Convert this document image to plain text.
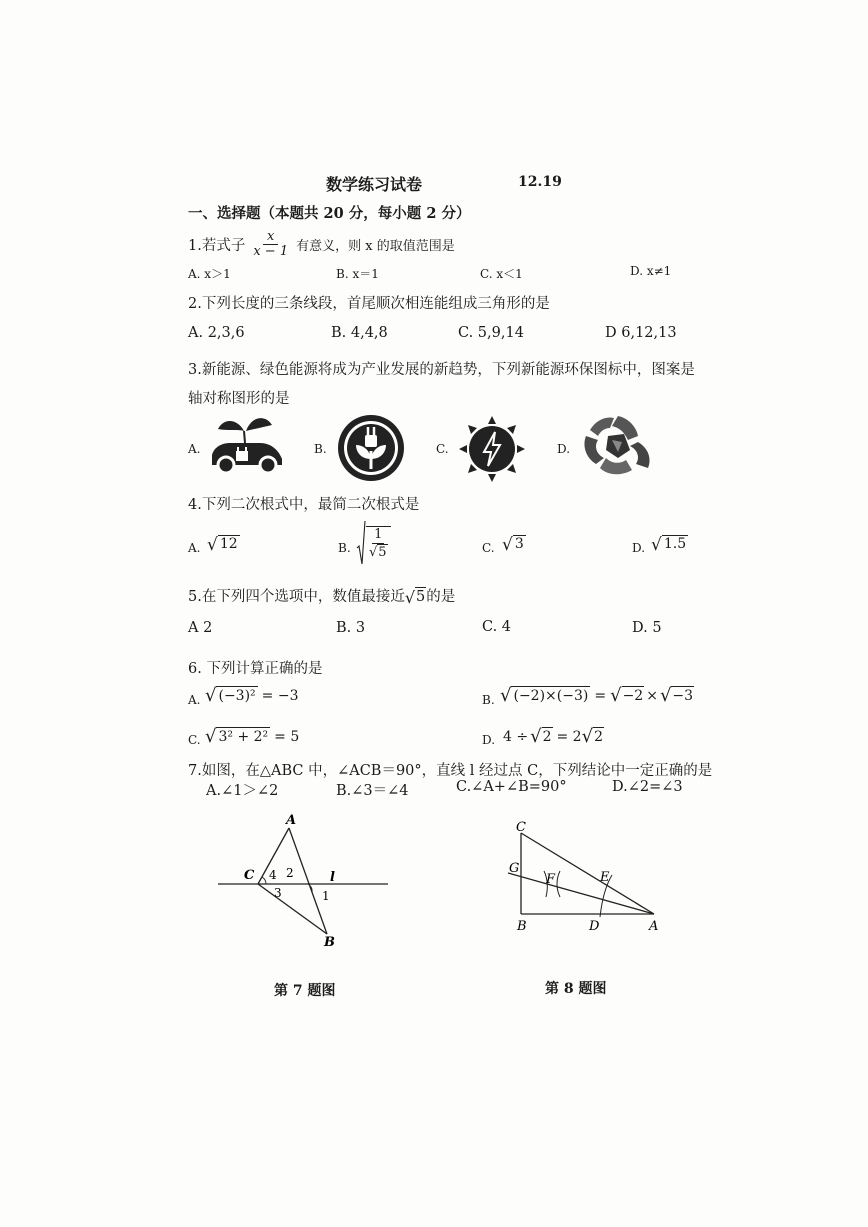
数学练习试卷	12.19
一、选择题（本题共 20 分，每小题 2 分）
1.若式子 $\frac{x}{x - 1}$ 有意义，则 x 的取值范围是
A. x＞1	B. x＝1	C. x＜1	D. x≠1
2.下列长度的三条线段，首尾顺次相连能组成三角形的是
A. 2,3,6	B. 4,4,8	C. 5,9,14	D 6,12,13
3.新能源、绿色能源将成为产业发展的新趋势，下列新能源环保图标中，图案是
轴对称图形的是
A.	B.	C.	D.
4.下列二次根式中，最简二次根式是
A. √ 12	B. $\frac{1}{√ 5}$	C. √ 3	D. √ 1.5
5.在下列四个选项中，数值最接近 √ 5 的是
A 2	B. 3	C. 4	D. 5
6. 下列计算正确的是
A. √ (−3)² = −3	B. √ (−2)×(−3) = √ −2 × √ −3
C. √ 3² + 2² = 5	D. 4 ÷ √ 2 = 2 √ 2
7.如图，在△ABC 中，∠ACB＝90°，直线 l 经过点 C，下列结论中一定正确的是
A.∠1＞∠2	B.∠3＝∠4	C.∠A+∠B=90°	D.∠2=∠3
A
C
B
l
1
2
3
4
C
G
F	E
B	D	A
第 7 题图	第 8 题图
